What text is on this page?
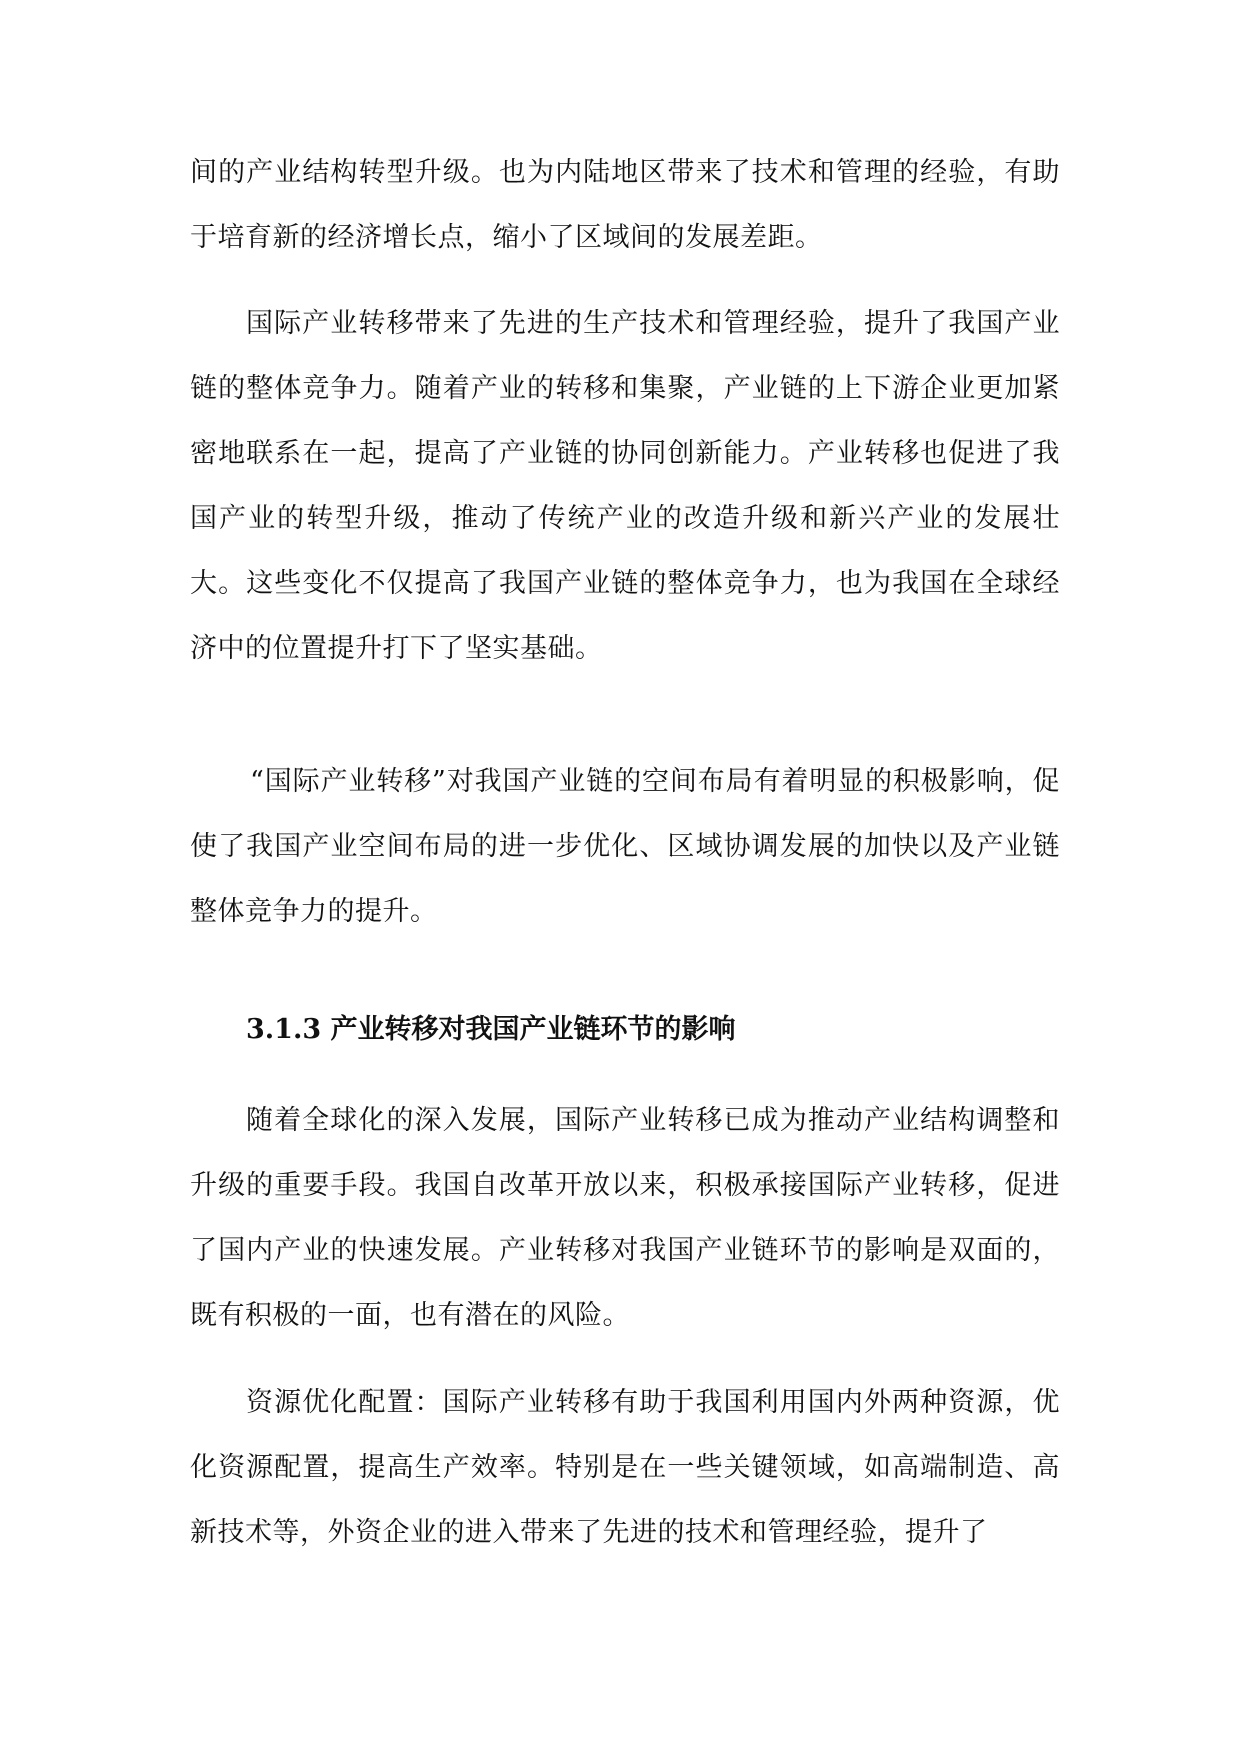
间的产业结构转型升级。也为内陆地区带来了技术和管理的经验，有助于培育新的经济增长点，缩小了区域间的发展差距。

国际产业转移带来了先进的生产技术和管理经验，提升了我国产业链的整体竞争力。随着产业的转移和集聚，产业链的上下游企业更加紧密地联系在一起，提高了产业链的协同创新能力。产业转移也促进了我国产业的转型升级，推动了传统产业的改造升级和新兴产业的发展壮大。这些变化不仅提高了我国产业链的整体竞争力，也为我国在全球经济中的位置提升打下了坚实基础。

“国际产业转移”对我国产业链的空间布局有着明显的积极影响，促使了我国产业空间布局的进一步优化、区域协调发展的加快以及产业链整体竞争力的提升。

3.1.3 产业转移对我国产业链环节的影响

随着全球化的深入发展，国际产业转移已成为推动产业结构调整和升级的重要手段。我国自改革开放以来，积极承接国际产业转移，促进了国内产业的快速发展。产业转移对我国产业链环节的影响是双面的，既有积极的一面，也有潜在的风险。

资源优化配置：国际产业转移有助于我国利用国内外两种资源，优化资源配置，提高生产效率。特别是在一些关键领域，如高端制造、高新技术等，外资企业的进入带来了先进的技术和管理经验，提升了
